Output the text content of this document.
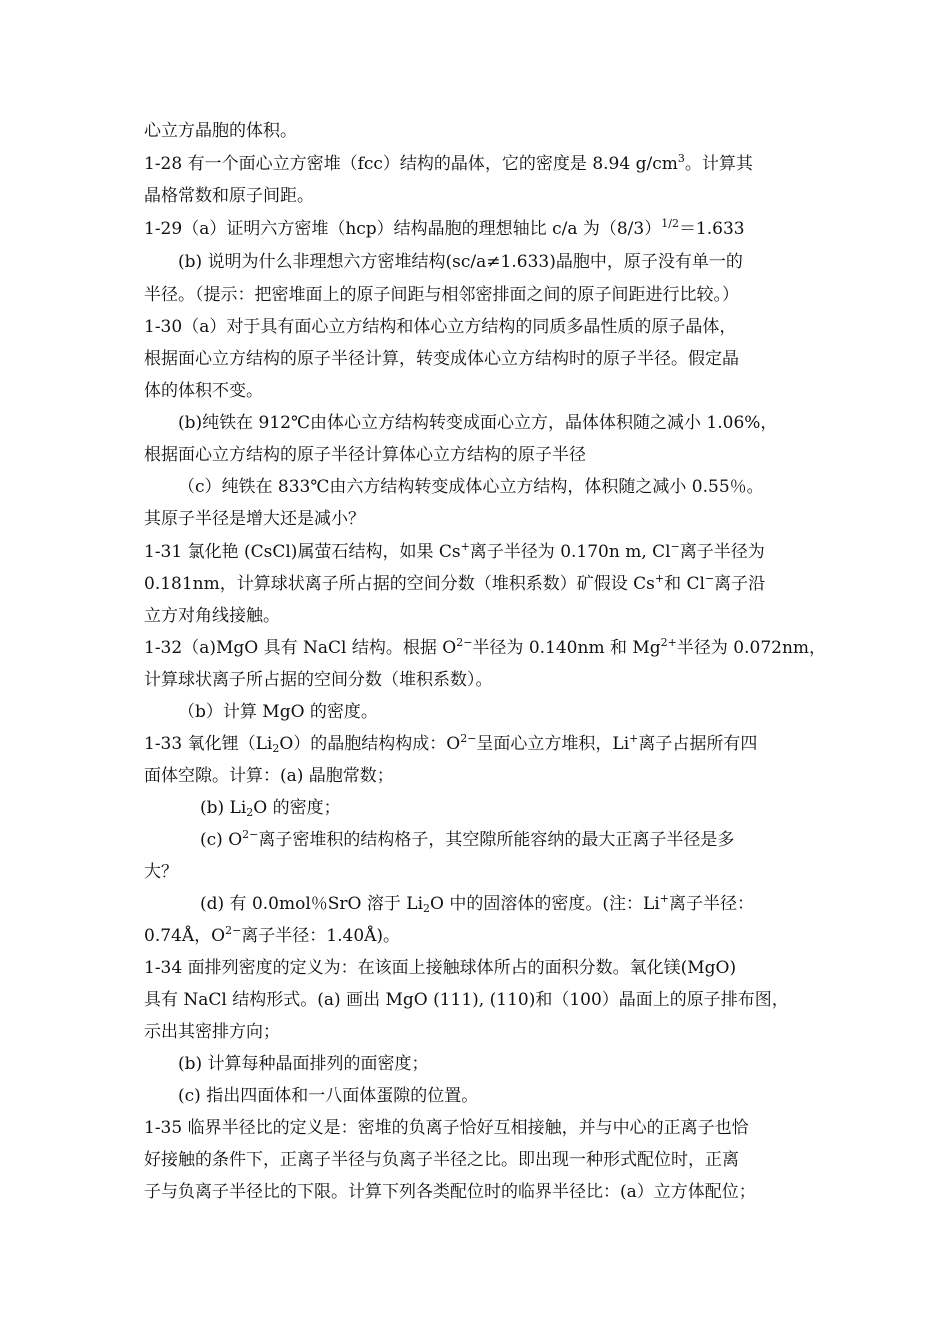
心立方晶胞的体积。
1-28 有一个面心立方密堆（fcc）结构的晶体，它的密度是 8.94 $g/cm^3$。计算其
晶格常数和原子间距。
1-29（a）证明六方密堆（hcp）结构晶胞的理想轴比 c/a 为$(8/3)^{1/2}=1.633$
(b) 说明为什么非理想六方密堆结构(sc/a≠1.633)晶胞中，原子没有单一的
半径。（提示：把密堆面上的原子间距与相邻密排面之间的原子间距进行比较。）
1-30（a）对于具有面心立方结构和体心立方结构的同质多晶性质的原子晶体，
根据面心立方结构的原子半径计算，转变成体心立方结构时的原子半径。假定晶
体的体积不变。
(b)纯铁在 912℃由体心立方结构转变成面心立方，晶体体积随之减小 1.06%，
根据面心立方结构的原子半径计算体心立方结构的原子半径
（c）纯铁在 833℃由六方结构转变成体心立方结构，体积随之减小 0.55％。
其原子半径是增大还是减小？
1-31 氯化艳 (CsCl)属萤石结构，如果 Cs+离子半径为 0.170n m, Cl−离子半径为
0.181nm，计算球状离子所占据的空间分数（堆积系数）矿假设 Cs+和 Cl−离子沿
立方对角线接触。
1-32（a)MgO 具有 NaCl 结构。根据 $O^{2-}$半径为 0.140nm 和 $Mg^{2+}$半径为 0.072nm，
计算球状离子所占据的空间分数（堆积系数）。
（b）计算 MgO 的密度。
1-33 氧化锂$(Li_2O)$的晶胞结构构成：$O^{2-}$呈面心立方堆积，Li+离子占据所有四
面体空隙。计算：(a) 晶胞常数；
(b) $Li_2O$ 的密度；
(c) $O^{2-}$离子密堆积的结构格子，其空隙所能容纳的最大正离子半径是多
大？
(d) 有 0.0mol％SrO 溶于 $Li_2O$ 中的固溶体的密度。(注：Li+离子半径：
0.74Å，$O^{2-}$离子半径：1.40Å)。
1-34 面排列密度的定义为：在该面上接触球体所占的面积分数。氧化镁(MgO)
具有 NaCl 结构形式。(a) 画出 MgO (111), (110)和（100）晶面上的原子排布图，
示出其密排方向；
(b) 计算每种晶面排列的面密度；
(c) 指出四面体和一八面体蛋隙的位置。
1-35 临界半径比的定义是：密堆的负离子恰好互相接触，并与中心的正离子也恰
好接触的条件下，正离子半径与负离子半径之比。即出现一种形式配位时，正离
子与负离子半径比的下限。计算下列各类配位时的临界半径比：(a）立方体配位；
